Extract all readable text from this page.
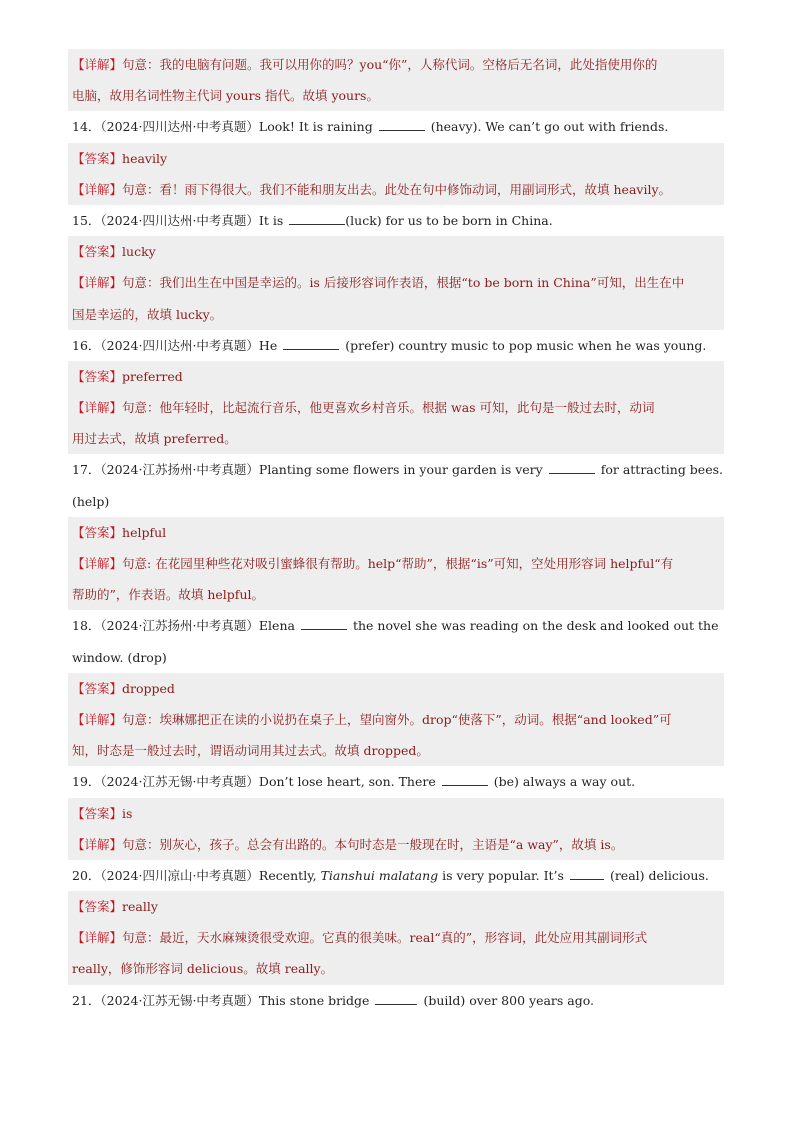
【详解】句意：我的电脑有问题。我可以用你的吗？you“你”，人称代词。空格后无名词，此处指使用你的
电脑，故用名词性物主代词 yours 指代。故填 yours。
14．（2024·四川达州·中考真题）Look! It is raining	(heavy). We can’t go out with friends.
【答案】heavily
【详解】句意：看！雨下得很大。我们不能和朋友出去。此处在句中修饰动词，用副词形式，故填 heavily。
15．（2024·四川达州·中考真题）It is	(luck) for us to be born in China.
【答案】lucky
【详解】句意：我们出生在中国是幸运的。is 后接形容词作表语，根据“to be born in China”可知，出生在中
国是幸运的，故填 lucky。
16．（2024·四川达州·中考真题）He	(prefer) country music to pop music when he was young.
【答案】preferred
【详解】句意：他年轻时，比起流行音乐，他更喜欢乡村音乐。根据 was 可知，此句是一般过去时，动词
用过去式，故填 preferred。
17．（2024·江苏扬州·中考真题）Planting some flowers in your garden is very	for attracting bees.
(help)
【答案】helpful
【详解】句意: 在花园里种些花对吸引蜜蜂很有帮助。help“帮助”，根据“is”可知，空处用形容词 helpful“有
帮助的”，作表语。故填 helpful。
18．（2024·江苏扬州·中考真题）Elena	the novel she was reading on the desk and looked out the
window. (drop)
【答案】dropped
【详解】句意：埃琳娜把正在读的小说扔在桌子上，望向窗外。drop“使落下”，动词。根据“and looked”可
知，时态是一般过去时，谓语动词用其过去式。故填 dropped。
19．（2024·江苏无锡·中考真题）Don’t lose heart, son. There	(be) always a way out.
【答案】is
【详解】句意：别灰心，孩子。总会有出路的。本句时态是一般现在时，主语是“a way”，故填 is。
20．（2024·四川凉山·中考真题）Recently, Tianshui malatang is very popular. It’s	(real) delicious.
【答案】really
【详解】句意：最近，天水麻辣烫很受欢迎。它真的很美味。real“真的”，形容词，此处应用其副词形式
really，修饰形容词 delicious。故填 really。
21．（2024·江苏无锡·中考真题）This stone bridge	(build) over 800 years ago.
